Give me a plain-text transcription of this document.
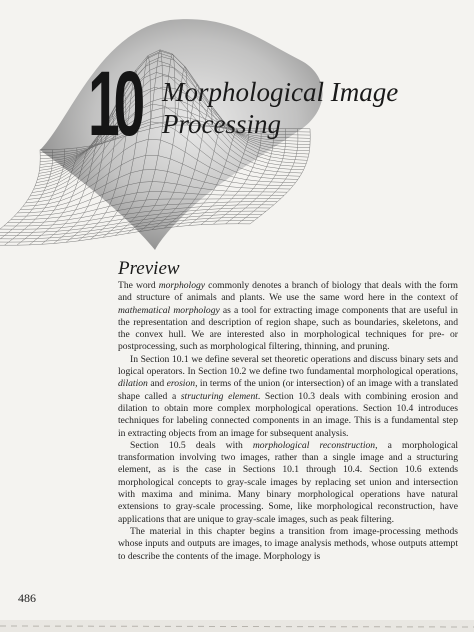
10 Morphological Image
Processing
Preview

The word morphology commonly denotes a branch of biology that deals with the form and structure of animals and plants. We use the same word here in the context of mathematical morphology as a tool for extracting image components that are useful in the representation and description of region shape, such as boundaries, skeletons, and the convex hull. We are interested also in morphological techniques for pre- or postprocessing, such as morphological filtering, thinning, and pruning.

In Section 10.1 we define several set theoretic operations and discuss binary sets and logical operators. In Section 10.2 we define two fundamental morphological operations, dilation and erosion, in terms of the union (or intersection) of an image with a translated shape called a structuring element. Section 10.3 deals with combining erosion and dilation to obtain more complex morphological operations. Section 10.4 introduces techniques for labeling connected components in an image. This is a fundamental step in extracting objects from an image for subsequent analysis.

Section 10.5 deals with morphological reconstruction, a morphological transformation involving two images, rather than a single image and a structuring element, as is the case in Sections 10.1 through 10.4. Section 10.6 extends morphological concepts to gray-scale images by replacing set union and intersection with maxima and minima. Many binary morphological operations have natural extensions to gray-scale processing. Some, like morphological reconstruction, have applications that are unique to gray-scale images, such as peak filtering.

The material in this chapter begins a transition from image-processing methods whose inputs and outputs are images, to image analysis methods, whose outputs attempt to describe the contents of the image. Morphology is

486
